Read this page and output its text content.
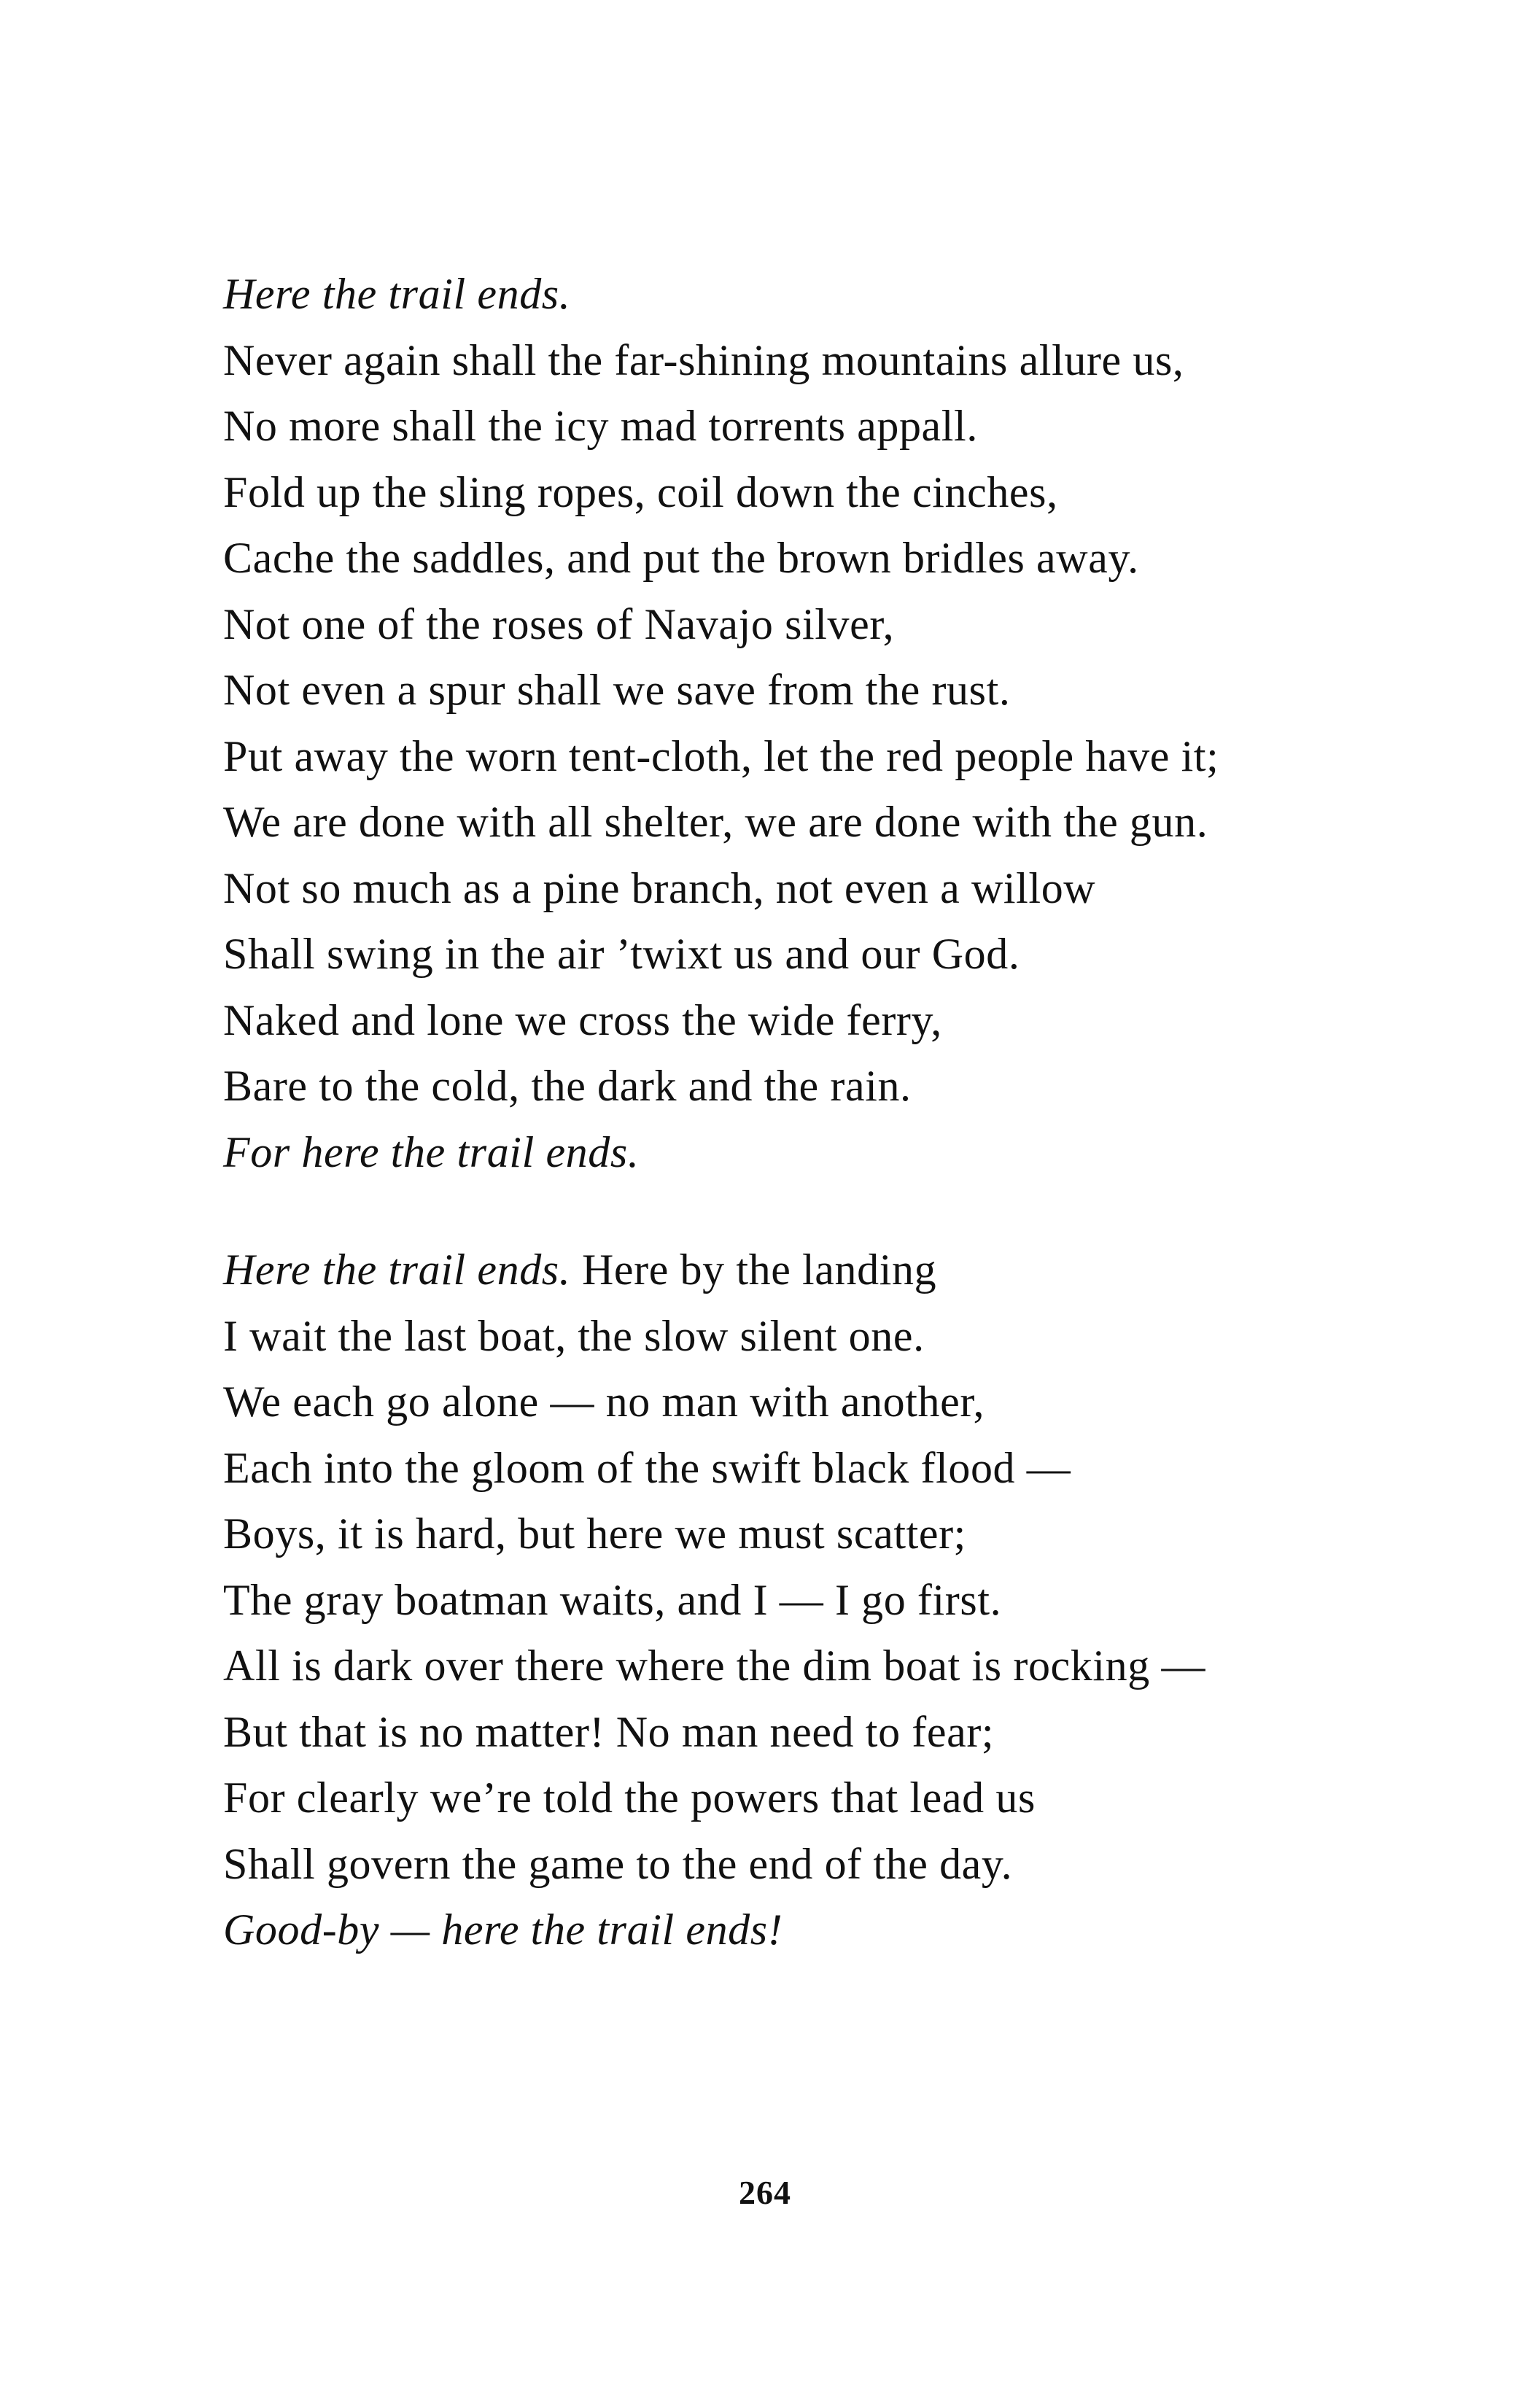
Here the trail ends.
Never again shall the far-shining mountains allure us,
No more shall the icy mad torrents appall.
Fold up the sling ropes, coil down the cinches,
Cache the saddles, and put the brown bridles away.
Not one of the roses of Navajo silver,
Not even a spur shall we save from the rust.
Put away the worn tent-cloth, let the red people have it;
We are done with all shelter, we are done with the gun.
Not so much as a pine branch, not even a willow
Shall swing in the air ’twixt us and our God.
Naked and lone we cross the wide ferry,
Bare to the cold, the dark and the rain.
For here the trail ends.
Here the trail ends. Here by the landing
I wait the last boat, the slow silent one.
We each go alone — no man with another,
Each into the gloom of the swift black flood —
Boys, it is hard, but here we must scatter;
The gray boatman waits, and I — I go first.
All is dark over there where the dim boat is rocking —
But that is no matter! No man need to fear;
For clearly we’re told the powers that lead us
Shall govern the game to the end of the day.
Good-by — here the trail ends!
264
